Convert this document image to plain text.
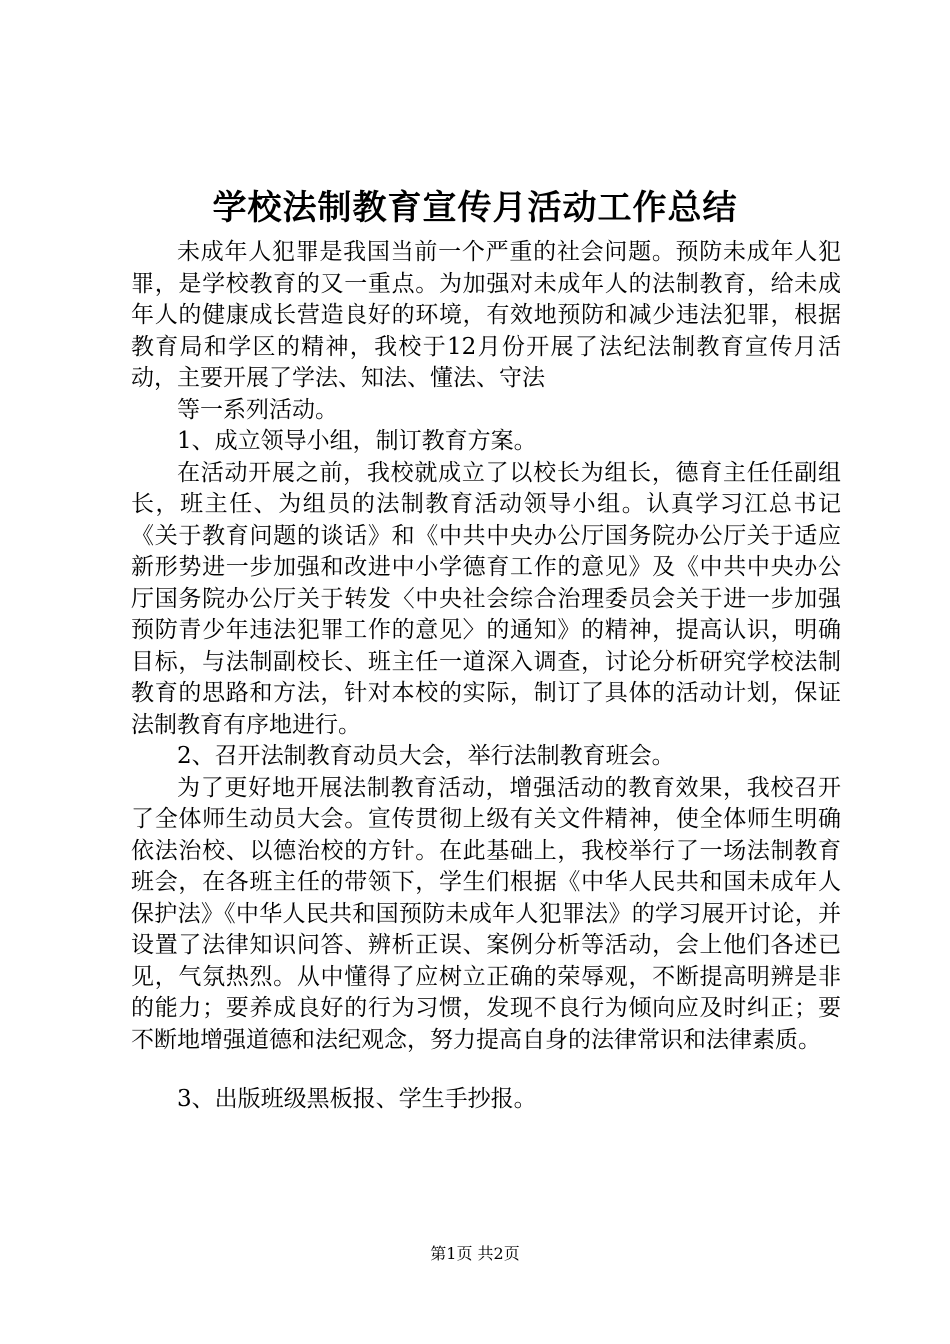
学校法制教育宣传月活动工作总结

未成年人犯罪是我国当前一个严重的社会问题。预防未成年人犯罪，是学校教育的又一重点。为加强对未成年人的法制教育，给未成年人的健康成长营造良好的环境，有效地预防和减少违法犯罪，根据教育局和学区的精神，我校于12月份开展了法纪法制教育宣传月活动，主要开展了学法、知法、懂法、守法

等一系列活动。

1、成立领导小组，制订教育方案。

在活动开展之前，我校就成立了以校长为组长，德育主任任副组长，班主任、为组员的法制教育活动领导小组。认真学习江总书记《关于教育问题的谈话》和《中共中央办公厅国务院办公厅关于适应新形势进一步加强和改进中小学德育工作的意见》及《中共中央办公厅国务院办公厅关于转发〈中央社会综合治理委员会关于进一步加强预防青少年违法犯罪工作的意见〉的通知》的精神，提高认识，明确目标，与法制副校长、班主任一道深入调查，讨论分析研究学校法制教育的思路和方法，针对本校的实际，制订了具体的活动计划，保证法制教育有序地进行。

2、召开法制教育动员大会，举行法制教育班会。

为了更好地开展法制教育活动，增强活动的教育效果，我校召开了全体师生动员大会。宣传贯彻上级有关文件精神，使全体师生明确依法治校、以德治校的方针。在此基础上，我校举行了一场法制教育班会，在各班主任的带领下，学生们根据《中华人民共和国未成年人保护法》《中华人民共和国预防未成年人犯罪法》的学习展开讨论，并设置了法律知识问答、辨析正误、案例分析等活动，会上他们各述已见，气氛热烈。从中懂得了应树立正确的荣辱观，不断提高明辨是非的能力；要养成良好的行为习惯，发现不良行为倾向应及时纠正；要不断地增强道德和法纪观念，努力提高自身的法律常识和法律素质。

3、出版班级黑板报、学生手抄报。

第1页 共2页
